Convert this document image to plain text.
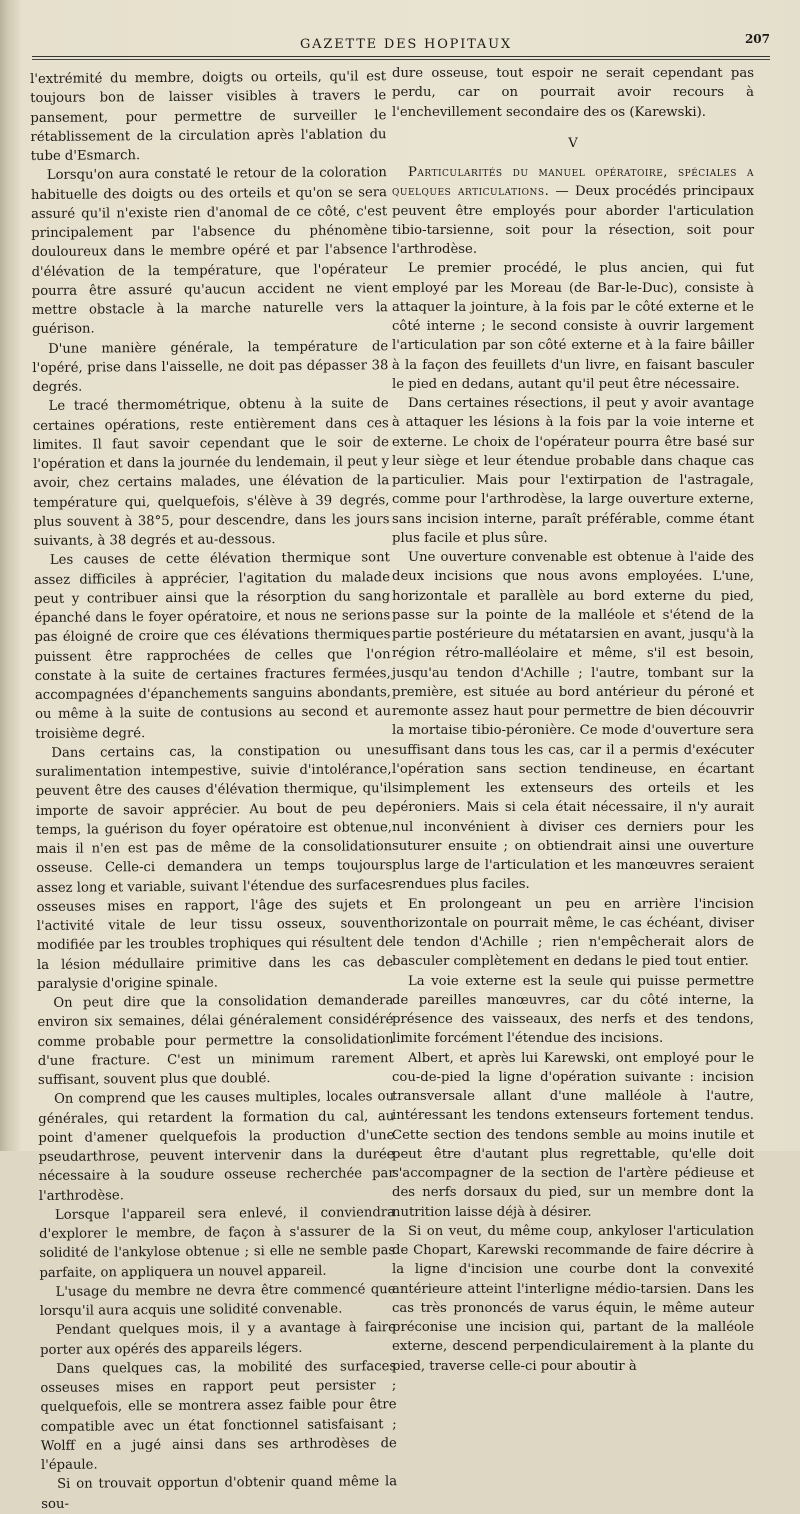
GAZETTE DES HOPITAUX	207

l'extrémité du membre, doigts ou orteils, qu'il est toujours bon de laisser visibles à travers le pansement, pour permettre de surveiller le rétablissement de la circulation après l'ablation du tube d'Esmarch.

Lorsqu'on aura constaté le retour de la coloration habituelle des doigts ou des orteils et qu'on se sera assuré qu'il n'existe rien d'anomal de ce côté, c'est principalement par l'absence du phénomène douloureux dans le membre opéré et par l'absence d'élévation de la température, que l'opérateur pourra être assuré qu'aucun accident ne vient mettre obstacle à la marche naturelle vers la guérison.

D'une manière générale, la température de l'opéré, prise dans l'aisselle, ne doit pas dépasser 38 degrés.

Le tracé thermométrique, obtenu à la suite de certaines opérations, reste entièrement dans ces limites. Il faut savoir cependant que le soir de l'opération et dans la journée du lendemain, il peut y avoir, chez certains malades, une élévation de la température qui, quelquefois, s'élève à 39 degrés, plus souvent à 38°5, pour descendre, dans les jours suivants, à 38 degrés et au-dessous.

Les causes de cette élévation thermique sont assez difficiles à apprécier, l'agitation du malade peut y contribuer ainsi que la résorption du sang épanché dans le foyer opératoire, et nous ne serions pas éloigné de croire que ces élévations thermiques puissent être rapprochées de celles que l'on constate à la suite de certaines fractures fermées, accompagnées d'épanchements sanguins abondants, ou même à la suite de contusions au second et au troisième degré.

Dans certains cas, la constipation ou une suralimentation intempestive, suivie d'intolérance, peuvent être des causes d'élévation thermique, qu'il importe de savoir apprécier. Au bout de peu de temps, la guérison du foyer opératoire est obtenue, mais il n'en est pas de même de la consolidation osseuse. Celle-ci demandera un temps toujours assez long et variable, suivant l'étendue des surfaces osseuses mises en rapport, l'âge des sujets et l'activité vitale de leur tissu osseux, souvent modifiée par les troubles trophiques qui résultent de la lésion médullaire primitive dans les cas de paralysie d'origine spinale.

On peut dire que la consolidation demandera environ six semaines, délai généralement considéré comme probable pour permettre la consolidation d'une fracture. C'est un minimum rarement suffisant, souvent plus que doublé.

On comprend que les causes multiples, locales ou générales, qui retardent la formation du cal, au point d'amener quelquefois la production d'une pseudarthrose, peuvent intervenir dans la durée nécessaire à la soudure osseuse recherchée par l'arthrodèse.

Lorsque l'appareil sera enlevé, il conviendra d'explorer le membre, de façon à s'assurer de la solidité de l'ankylose obtenue ; si elle ne semble pas parfaite, on appliquera un nouvel appareil.

L'usage du membre ne devra être commencé que lorsqu'il aura acquis une solidité convenable.

Pendant quelques mois, il y a avantage à faire porter aux opérés des appareils légers.

Dans quelques cas, la mobilité des surfaces osseuses mises en rapport peut persister ; quelquefois, elle se montrera assez faible pour être compatible avec un état fonctionnel satisfaisant ; Wolff en a jugé ainsi dans ses arthrodèses de l'épaule.

Si on trouvait opportun d'obtenir quand même la sou-

dure osseuse, tout espoir ne serait cependant pas perdu, car on pourrait avoir recours à l'enchevillement secondaire des os (Karewski).

V

Particularités du manuel opératoire, spéciales a quelques articulations. — Deux procédés principaux peuvent être employés pour aborder l'articulation tibio-tarsienne, soit pour la résection, soit pour l'arthrodèse.

Le premier procédé, le plus ancien, qui fut employé par les Moreau (de Bar-le-Duc), consiste à attaquer la jointure, à la fois par le côté externe et le côté interne ; le second consiste à ouvrir largement l'articulation par son côté externe et à la faire bâiller à la façon des feuillets d'un livre, en faisant basculer le pied en dedans, autant qu'il peut être nécessaire.

Dans certaines résections, il peut y avoir avantage à attaquer les lésions à la fois par la voie interne et externe. Le choix de l'opérateur pourra être basé sur leur siège et leur étendue probable dans chaque cas particulier. Mais pour l'extirpation de l'astragale, comme pour l'arthrodèse, la large ouverture externe, sans incision interne, paraît préférable, comme étant plus facile et plus sûre.

Une ouverture convenable est obtenue à l'aide des deux incisions que nous avons employées. L'une, horizontale et parallèle au bord externe du pied, passe sur la pointe de la malléole et s'étend de la partie postérieure du métatarsien en avant, jusqu'à la région rétro-malléolaire et même, s'il est besoin, jusqu'au tendon d'Achille ; l'autre, tombant sur la première, est située au bord antérieur du péroné et remonte assez haut pour permettre de bien découvrir la mortaise tibio-péronière. Ce mode d'ouverture sera suffisant dans tous les cas, car il a permis d'exécuter l'opération sans section tendineuse, en écartant simplement les extenseurs des orteils et les péroniers. Mais si cela était nécessaire, il n'y aurait nul inconvénient à diviser ces derniers pour les suturer ensuite ; on obtiendrait ainsi une ouverture plus large de l'articulation et les manœuvres seraient rendues plus faciles.

En prolongeant un peu en arrière l'incision horizontale on pourrait même, le cas échéant, diviser le tendon d'Achille ; rien n'empêcherait alors de basculer complètement en dedans le pied tout entier.

La voie externe est la seule qui puisse permettre de pareilles manœuvres, car du côté interne, la présence des vaisseaux, des nerfs et des tendons, limite forcément l'étendue des incisions.

Albert, et après lui Karewski, ont employé pour le cou-de-pied la ligne d'opération suivante : incision transversale allant d'une malléole à l'autre, intéressant les tendons extenseurs fortement tendus. Cette section des tendons semble au moins inutile et peut être d'autant plus regrettable, qu'elle doit s'accompagner de la section de l'artère pédieuse et des nerfs dorsaux du pied, sur un membre dont la nutrition laisse déjà à désirer.

Si on veut, du même coup, ankyloser l'articulation de Chopart, Karewski recommande de faire décrire à la ligne d'incision une courbe dont la convexité antérieure atteint l'interligne médio-tarsien. Dans les cas très prononcés de varus équin, le même auteur préconise une incision qui, partant de la malléole externe, descend perpendiculairement à la plante du pied, traverse celle-ci pour aboutir à
